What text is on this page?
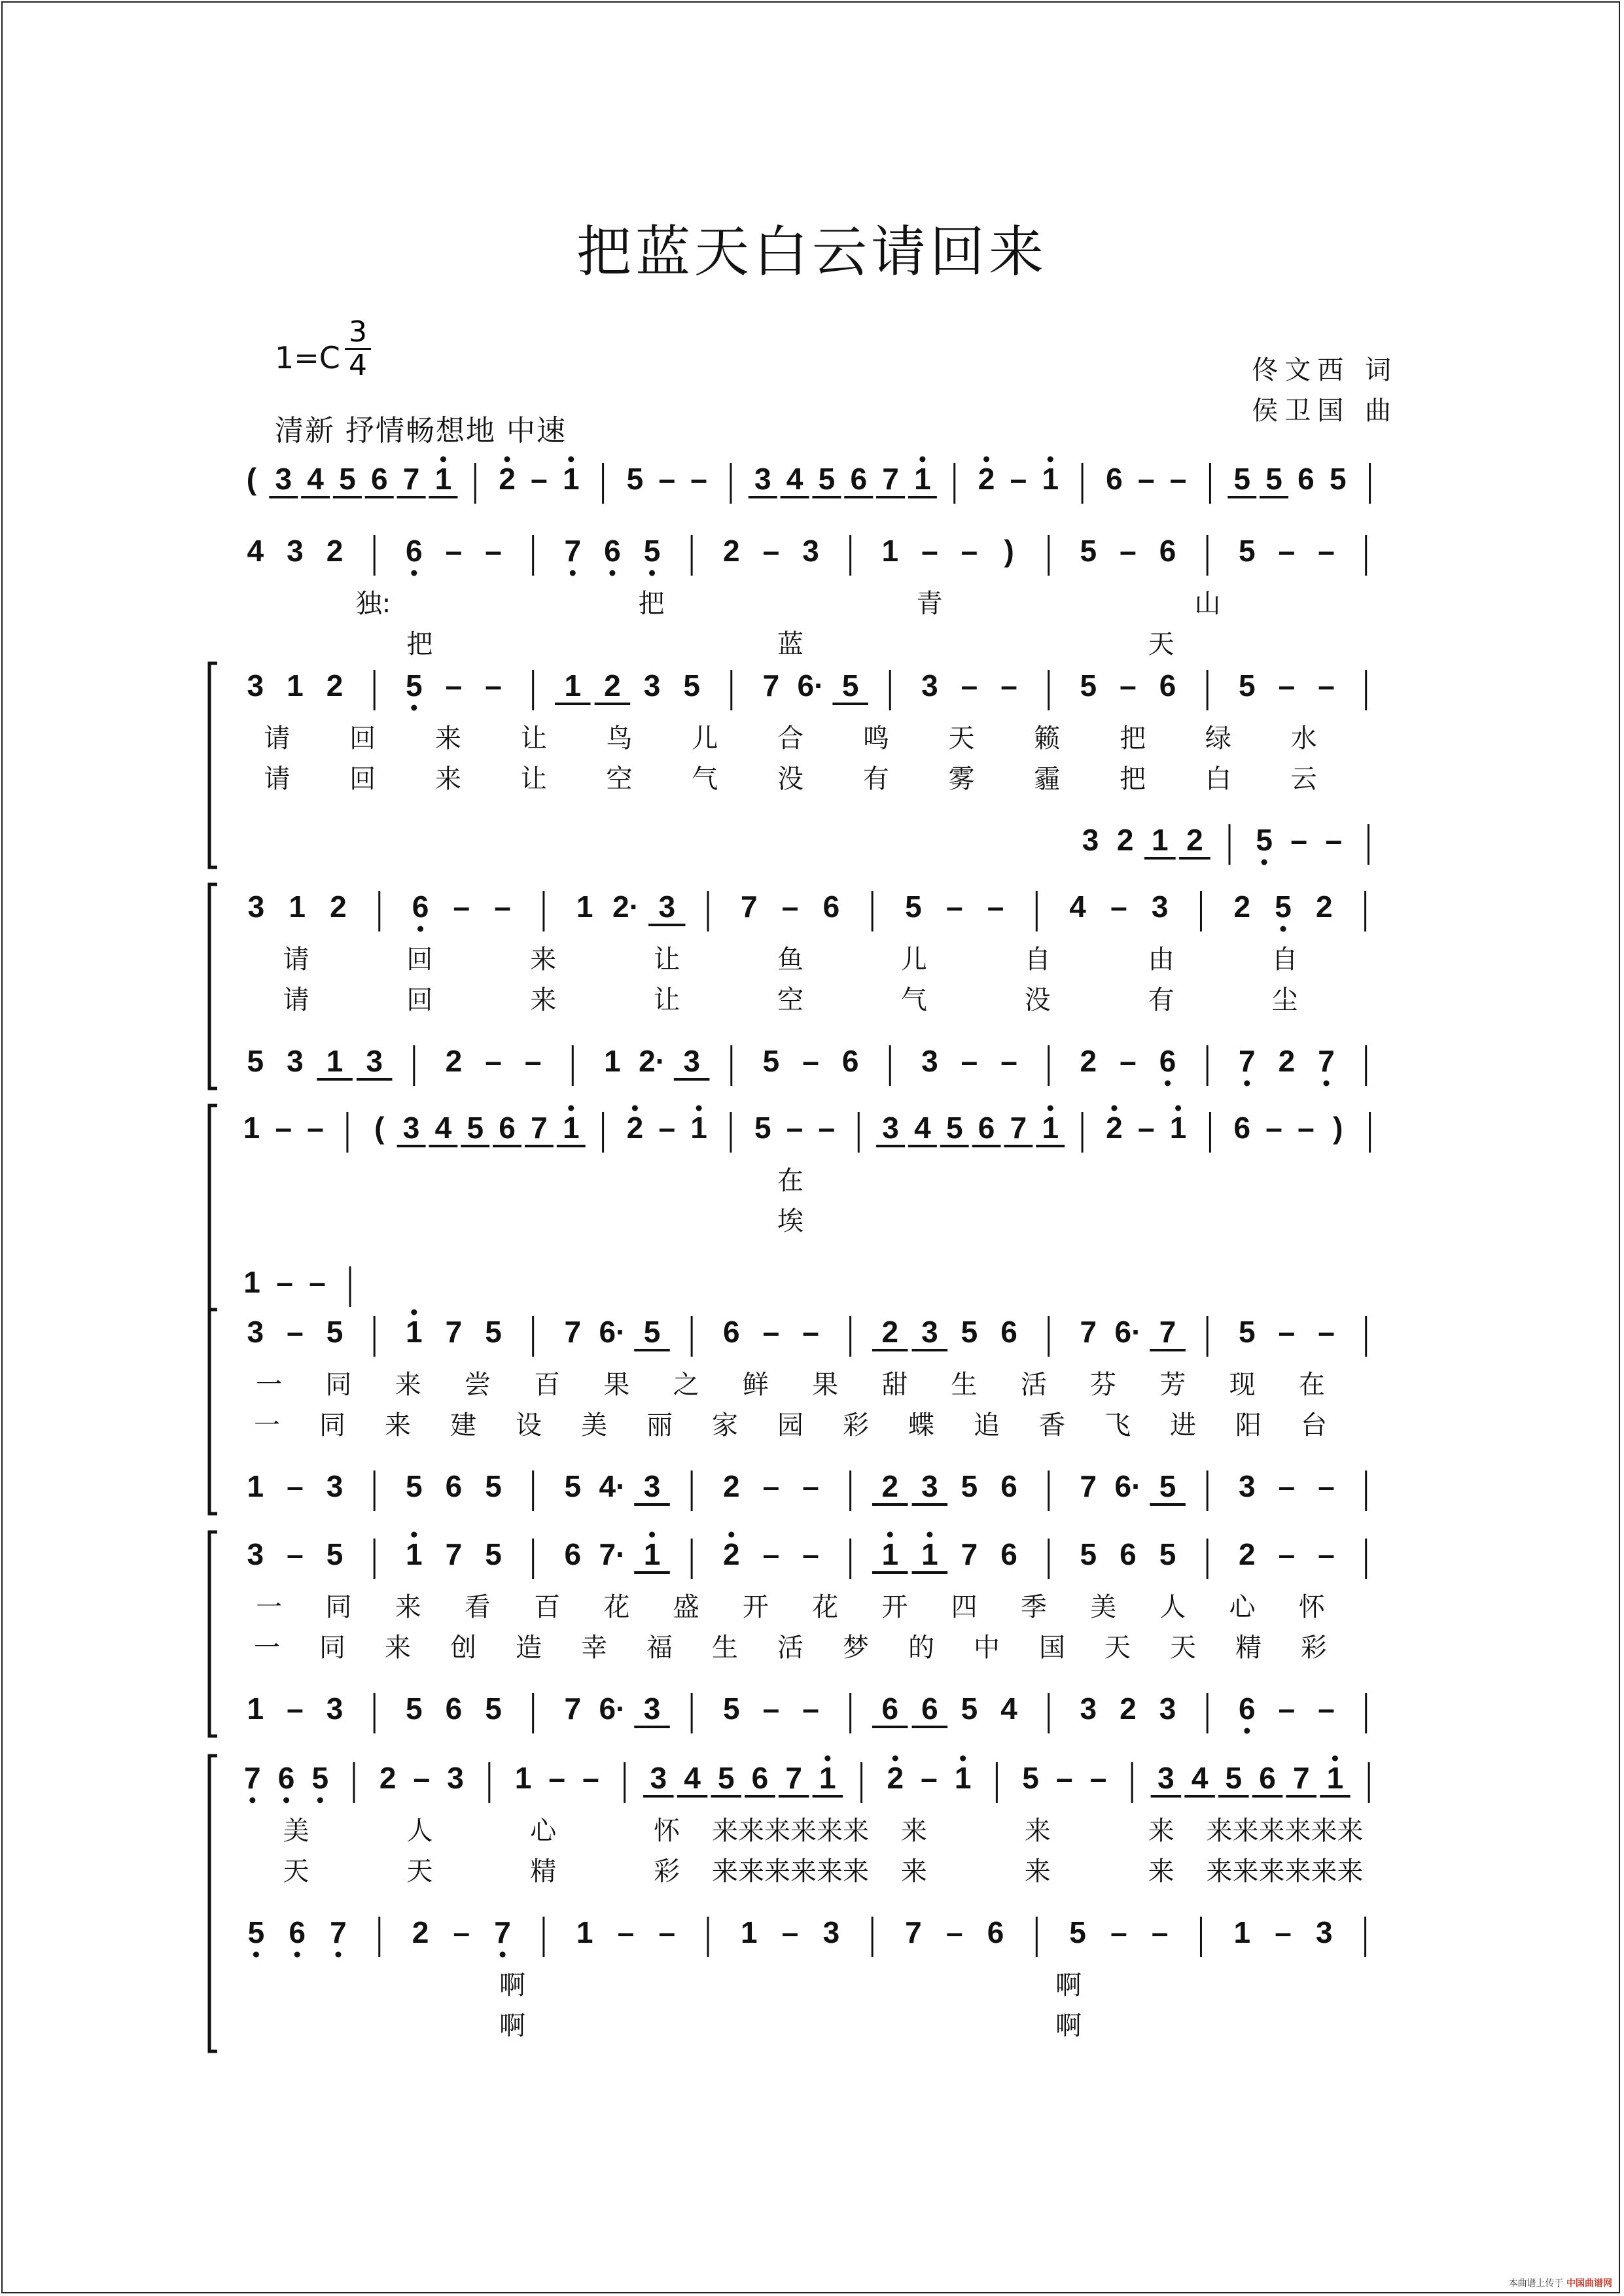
把蓝天白云请回来
1=C
3
4
清新 抒情畅想地 中速
佟文西 词
侯卫国 曲
( 3 4 5 6 7 1 2 – 1 5 – – 3 4 5 6 7 1 2 – 1 6 – – 5 5 6 5
4 3 2 6 – – 7 6 5 2 – 3 1 – – ) 5 – 6 5 – –
独:	把	青	山
把	蓝	天
3 1 2 5 – – 1 2 3 5 7 6· 5 3 – – 5 – 6 5 – –
请 回 来 让 鸟 儿 合 鸣 天 籁 把 绿 水
请 回 来 让 空 气 没 有 雾 霾 把 白 云
3 2 1 2 5 – –
3 1 2 6 – – 1 2· 3 7 – 6 5 – – 4 – 3 2 5 2
请	回	来	让	鱼	儿	自	由	自
请	回	来	让	空	气	没	有	尘
5 3 1 3 2 – – 1 2· 3 5 – 6 3 – – 2 – 6 7 2 7
1 – – ( 3 4 5 6 7 1 2 – 1 5 – – 3 4 5 6 7 1 2 – 1 6 – – )
在
埃
1 – –
3 – 5 1 7 5 7 6· 5 6 – – 2 3 5 6 7 6· 7 5 – –
一 同 来 尝 百 果 之 鲜 果 甜 生 活 芬 芳 现 在
一 同 来 建 设 美 丽 家 园 彩 蝶 追 香 飞 进 阳 台
1 – 3 5 6 5 5 4· 3 2 – – 2 3 5 6 7 6· 5 3 – –
3 – 5 1 7 5 6 7· 1 2 – – 1 1 7 6 5 6 5 2 – –
一 同 来 看 百 花 盛 开 花 开 四 季 美 人 心 怀
一 同 来 创 造 幸 福 生 活 梦 的 中 国 天 天 精 彩
1 – 3 5 6 5 7 6· 3 5 – – 6 6 5 4 3 2 3 6 – –
7 6 5 2 – 3 1 – – 3 4 5 6 7 1 2 – 1 5 – – 3 4 5 6 7 1
美	人	心	怀 来来来来来来 来	来	来 来来来来来来
天	天	精	彩 来来来来来来 来	来	来 来来来来来来
5 6 7 2 – 7 1 – – 1 – 3 7 – 6 5 – – 1 – 3
啊	啊
啊	啊
本曲谱上传于 中国曲谱网
